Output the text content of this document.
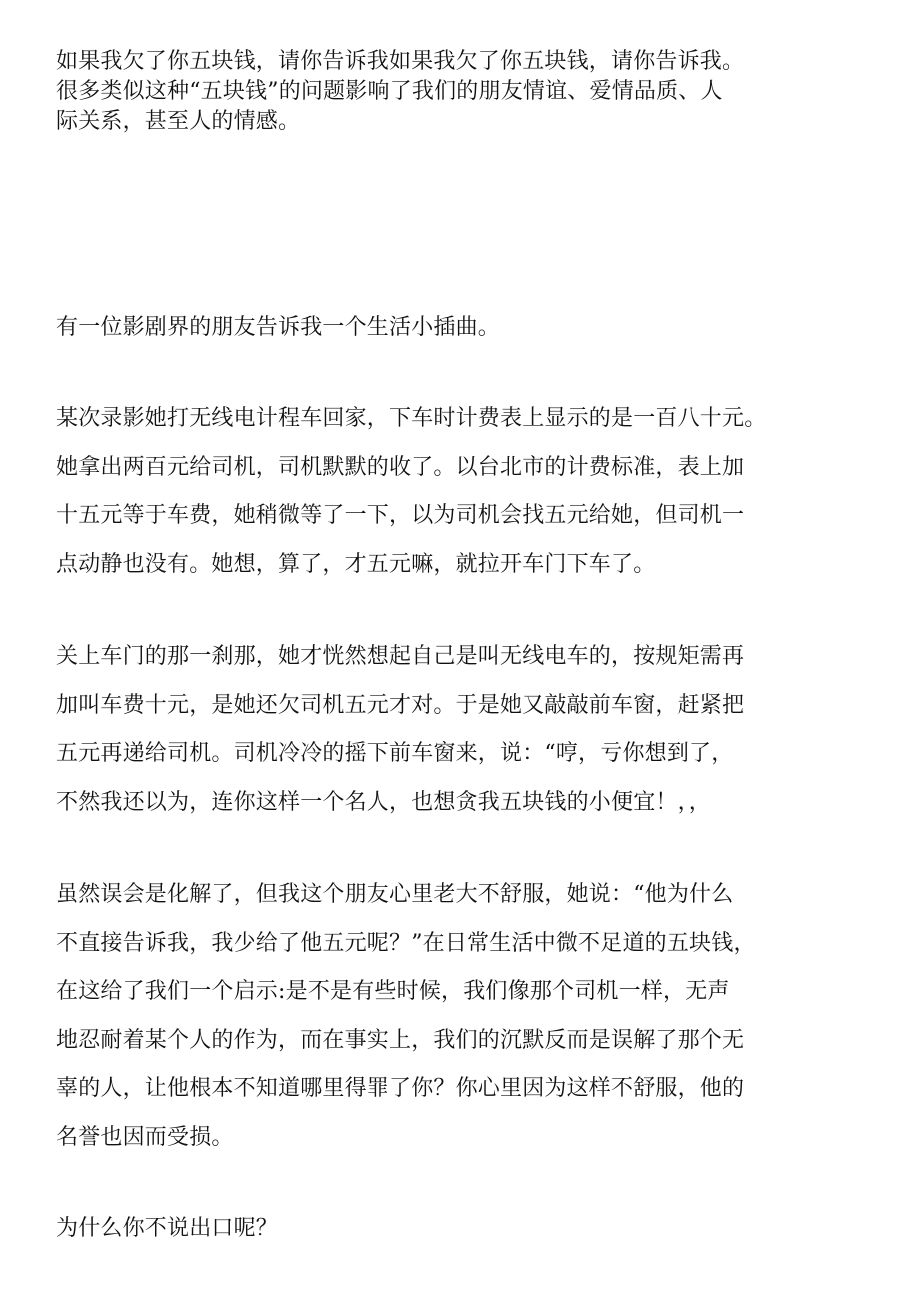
如果我欠了你五块钱，请你告诉我如果我欠了你五块钱，请你告诉我。
很多类似这种“五块钱”的问题影响了我们的朋友情谊、爱情品质、人
际关系，甚至人的情感。
有一位影剧界的朋友告诉我一个生活小插曲。
某次录影她打无线电计程车回家，下车时计费表上显示的是一百八十元。
她拿出两百元给司机，司机默默的收了。以台北市的计费标准，表上加
十五元等于车费，她稍微等了一下，以为司机会找五元给她，但司机一
点动静也没有。她想，算了，才五元嘛，就拉开车门下车了。
关上车门的那一刹那，她才恍然想起自己是叫无线电车的，按规矩需再
加叫车费十元，是她还欠司机五元才对。于是她又敲敲前车窗，赶紧把
五元再递给司机。司机冷冷的摇下前车窗来，说：“哼，亏你想到了，
不然我还以为，连你这样一个名人，也想贪我五块钱的小便宜！，，
虽然误会是化解了，但我这个朋友心里老大不舒服，她说：“他为什么
不直接告诉我，我少给了他五元呢？”在日常生活中微不足道的五块钱，
在这给了我们一个启示:是不是有些时候，我们像那个司机一样，无声
地忍耐着某个人的作为，而在事实上，我们的沉默反而是误解了那个无
辜的人，让他根本不知道哪里得罪了你？你心里因为这样不舒服，他的
名誉也因而受损。
为什么你不说出口呢？
